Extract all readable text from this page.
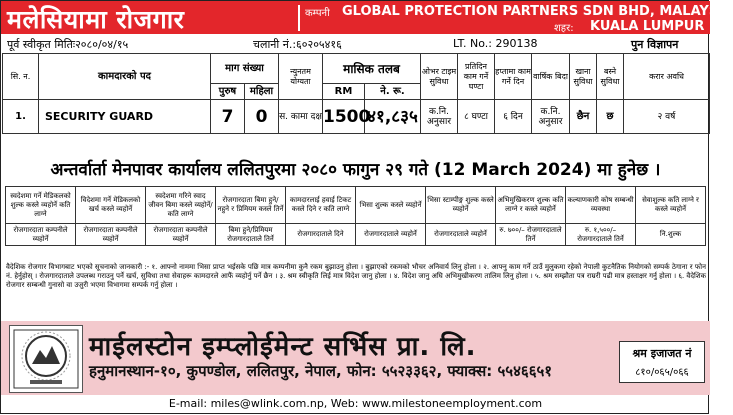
मलेसियामा रोजगार	कम्पनी GLOBAL PROTECTION PARTNERS SDN BHD, MALAYSIA
शहर: KUALA LUMPUR
पूर्व स्वीकृत मितिः२०८०/०४/१५	चलानी नं.:६०२०५४१६	LT. No.: 290138	पुन विज्ञापन
सि. न.	कामदारको पद	माग संख्या		न्युनतम योग्यता	मासिक तलब		ओभर टाइम सुविधा	प्रतिदिन काम गर्ने घण्टा	हप्तामा काम गर्ने दिन	वार्षिक बिदा	खाना सुविधा	बस्ने सुविधा	करार अवधि
		पुरुष	महिला		RM	ने. रू.							
1.	SECURITY GUARD	7	0	स. कामा दक्ष	1500	४१,८३५	क.नि. अनुसार	८ घण्टा	६ दिन	क.नि. अनुसार	छैन	छ	२ वर्ष
अन्तर्वार्ता मेनपावर कार्यालय ललितपुरमा २०८० फागुन २९ गते (12 March 2024) मा हुनेछ ।
स्वदेशमा गर्ने मेडिकलको शुल्क कस्ले व्यहोर्ने कति लाग्ने	विदेशमा गर्ने मेडिकलको खर्च कस्ले व्यहोर्ने	स्वदेशमा गरिने स्वाद जीवन बिमा कस्ले व्यहोर्ने/कति लाग्ने	रोजगारदाता बिमा हुने/नहुने र प्रिमियम कस्ले तिर्ने	कामदारलाई हवाई टिकट कस्ले दिने र कति लाग्ने	भिसा शुल्क कस्ले व्यहोर्ने	भिसा स्टाम्पीङ्ग शुल्क कस्ले व्यहोर्ने	अभिमुखिकरण शुल्क कति लाग्ने र कस्ले व्यहोर्ने	कल्याणकारी कोष सम्बन्धी व्यवस्था	सेवाशुल्क कति लाग्ने र कस्ले व्यहोर्ने
रोजगारदाता कम्पनीले व्यहोर्ने	रोजगारदाता कम्पनीले व्यहोर्ने	रोजगारदाता कम्पनीले व्यहोर्ने	बिमा हुने/प्रिमियम रोजगारदाताले तिर्ने	रोजगारदाताले दिने	रोजगारदाताले व्यहोर्ने	रोजगारदाताले व्यहोर्ने	रु. ७००/– रोजगारदाताले तिर्ने	रु. १,५००/– रोजगारदाताले तिर्ने	नि.शुल्क
वैदेशिक रोजगार विभागबाट भएको सूचनाको जानकारी :- १. आफ्नो नाममा भिसा प्राप्त भईसके पछि मात्र कम्पनीमा कुनै रकम बुझाउनु होला । बुझाएको रकमको भौचर अनिवार्य लिनु होला । २. आफ्नु काम गर्ने ठाउँ मुलुकमा रहेको नेपाली कुटनैतिक नियोगको सम्पर्क ठेगाना र फोन नं. हेर्नुहोस् । रोजगारदाताले उपलब्ध गराउनु पर्ने खर्च, सुविधा तथा सेवाहरू कामदारले आफैं व्यहोर्नु पर्ने छैन । ३. श्रम स्वीकृति लिई मात्र विदेश जानु होला । ४. विदेश जानु अघि अभिमुखीकरण तालिम लिनु होला । ५. श्रम सम्झौता पत्र राम्ररी पढी मात्र हस्ताक्षर गर्नु होला । ६. वैदेशिक रोजगार सम्बन्धी गुनासो वा उजुरी भएमा विभागमा सम्पर्क गर्नु होला ।
माईलस्टोन इम्प्लोईमेन्ट सर्भिस प्रा. लि.
हनुमानस्थान-१०, कुपण्डोल, ललितपुर, नेपाल, फोन: ५५२३३६२, फ्याक्स: ५५४६६५१
श्रम इजाजत नं
८१०/०६५/०६६
E-mail: miles@wlink.com.np, Web: www.milestoneemployment.com
